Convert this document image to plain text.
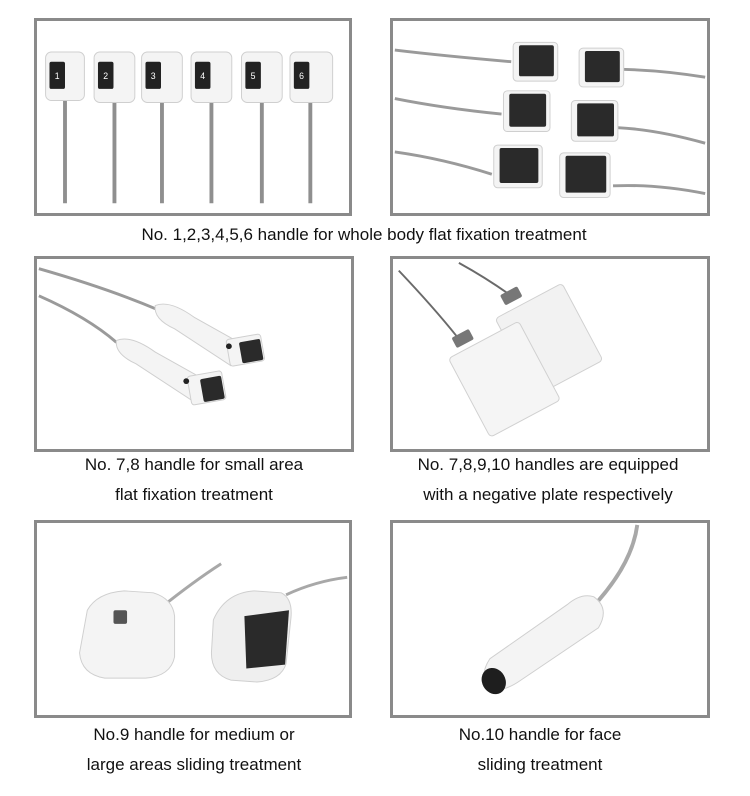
1	2	3	4	5	6
No. 1,2,3,4,5,6 handle for whole body flat fixation treatment
No. 7,8 handle for small area
flat fixation treatment
No. 7,8,9,10 handles are equipped
with a negative plate respectively
No.9 handle for medium or
large areas sliding treatment
No.10 handle for face
sliding treatment
